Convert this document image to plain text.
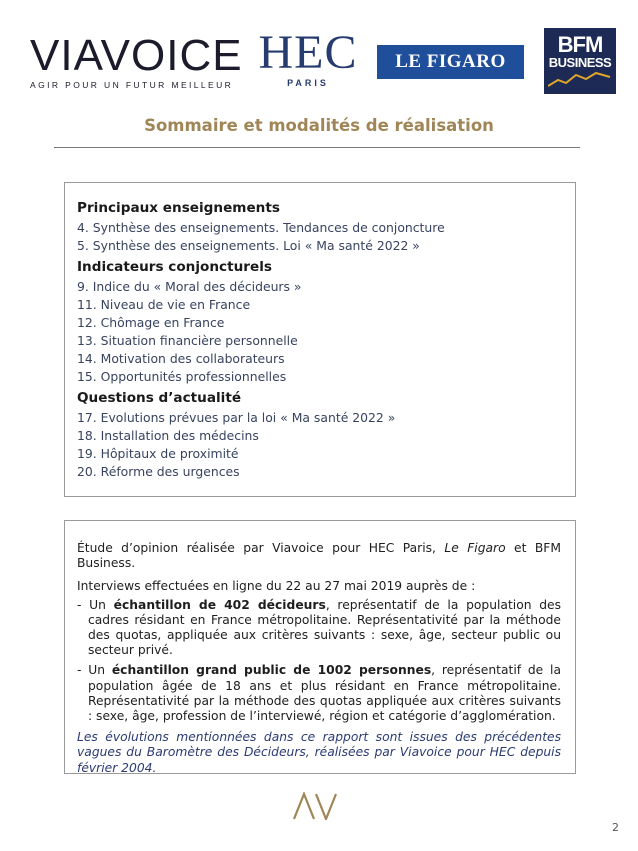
VIAVOICE
AGIR POUR UN FUTUR MEILLEUR
HEC
PARIS
LE FIGARO
BFM
BUSINESS
Sommaire et modalités de réalisation
Principaux enseignements
4. Synthèse des enseignements. Tendances de conjoncture
5. Synthèse des enseignements. Loi « Ma santé 2022 »
Indicateurs conjoncturels
9. Indice du « Moral des décideurs »
11. Niveau de vie en France
12. Chômage en France
13. Situation financière personnelle
14. Motivation des collaborateurs
15. Opportunités professionnelles
Questions d’actualité
17. Evolutions prévues par la loi « Ma santé 2022 »
18. Installation des médecins
19. Hôpitaux de proximité
20. Réforme des urgences

Étude d’opinion réalisée par Viavoice pour HEC Paris, Le Figaro et BFM Business.

Interviews effectuées en ligne du 22 au 27 mai 2019 auprès de :

- Un échantillon de 402 décideurs, représentatif de la population des cadres résidant en France métropolitaine. Représentativité par la méthode des quotas, appliquée aux critères suivants : sexe, âge, secteur public ou secteur privé.

- Un échantillon grand public de 1002 personnes, représentatif de la population âgée de 18 ans et plus résidant en France métropolitaine. Représentativité par la méthode des quotas appliquée aux critères suivants : sexe, âge, profession de l’interviewé, région et catégorie d’agglomération.

Les évolutions mentionnées dans ce rapport sont issues des précédentes vagues du Baromètre des Décideurs, réalisées par Viavoice pour HEC depuis février 2004.

2
